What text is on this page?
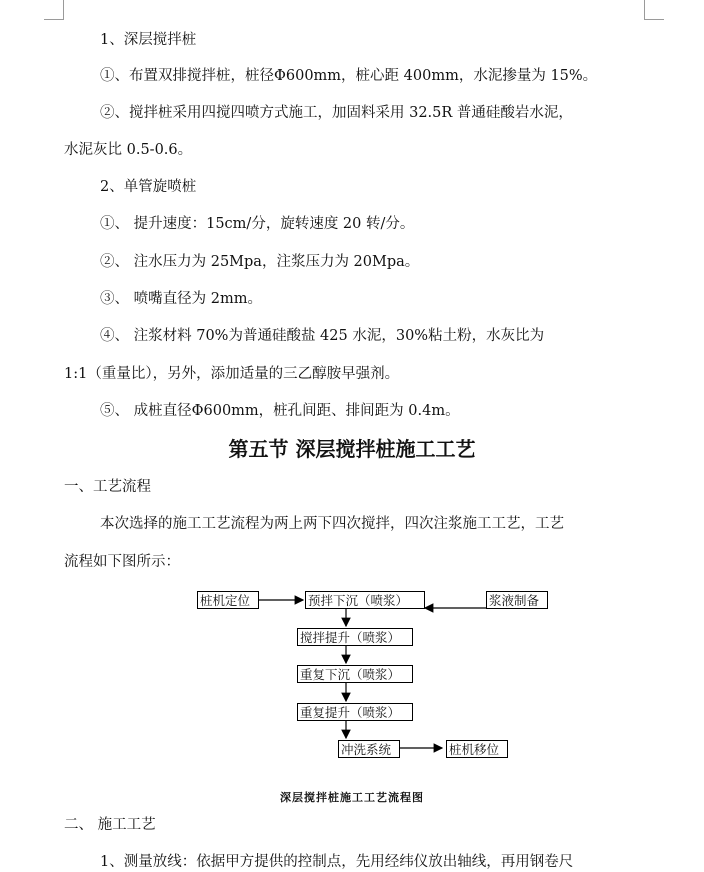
1、深层搅拌桩
①、布置双排搅拌桩，桩径Φ600mm，桩心距 400mm，水泥掺量为 15%。
②、搅拌桩采用四搅四喷方式施工，加固料采用 32.5R 普通硅酸岩水泥，
水泥灰比 0.5-0.6。
2、单管旋喷桩
①、 提升速度：15cm/分，旋转速度 20 转/分。
②、 注水压力为 25Mpa，注浆压力为 20Mpa。
③、 喷嘴直径为 2mm。
④、 注浆材料 70%为普通硅酸盐 425 水泥，30%粘土粉，水灰比为
1:1（重量比），另外，添加适量的三乙醇胺早强剂。
⑤、 成桩直径Φ600mm，桩孔间距、排间距为 0.4m。
第五节 深层搅拌桩施工工艺
一、工艺流程
本次选择的施工工艺流程为两上两下四次搅拌，四次注浆施工工艺，工艺
流程如下图所示：
桩机定位	预拌下沉（喷浆）	浆液制备
搅拌提升（喷浆）
重复下沉（喷浆）
重复提升（喷浆）
冲洗系统	桩机移位
深层搅拌桩施工工艺流程图
二、 施工工艺
1、测量放线：依据甲方提供的控制点，先用经纬仪放出轴线，再用钢卷尺
